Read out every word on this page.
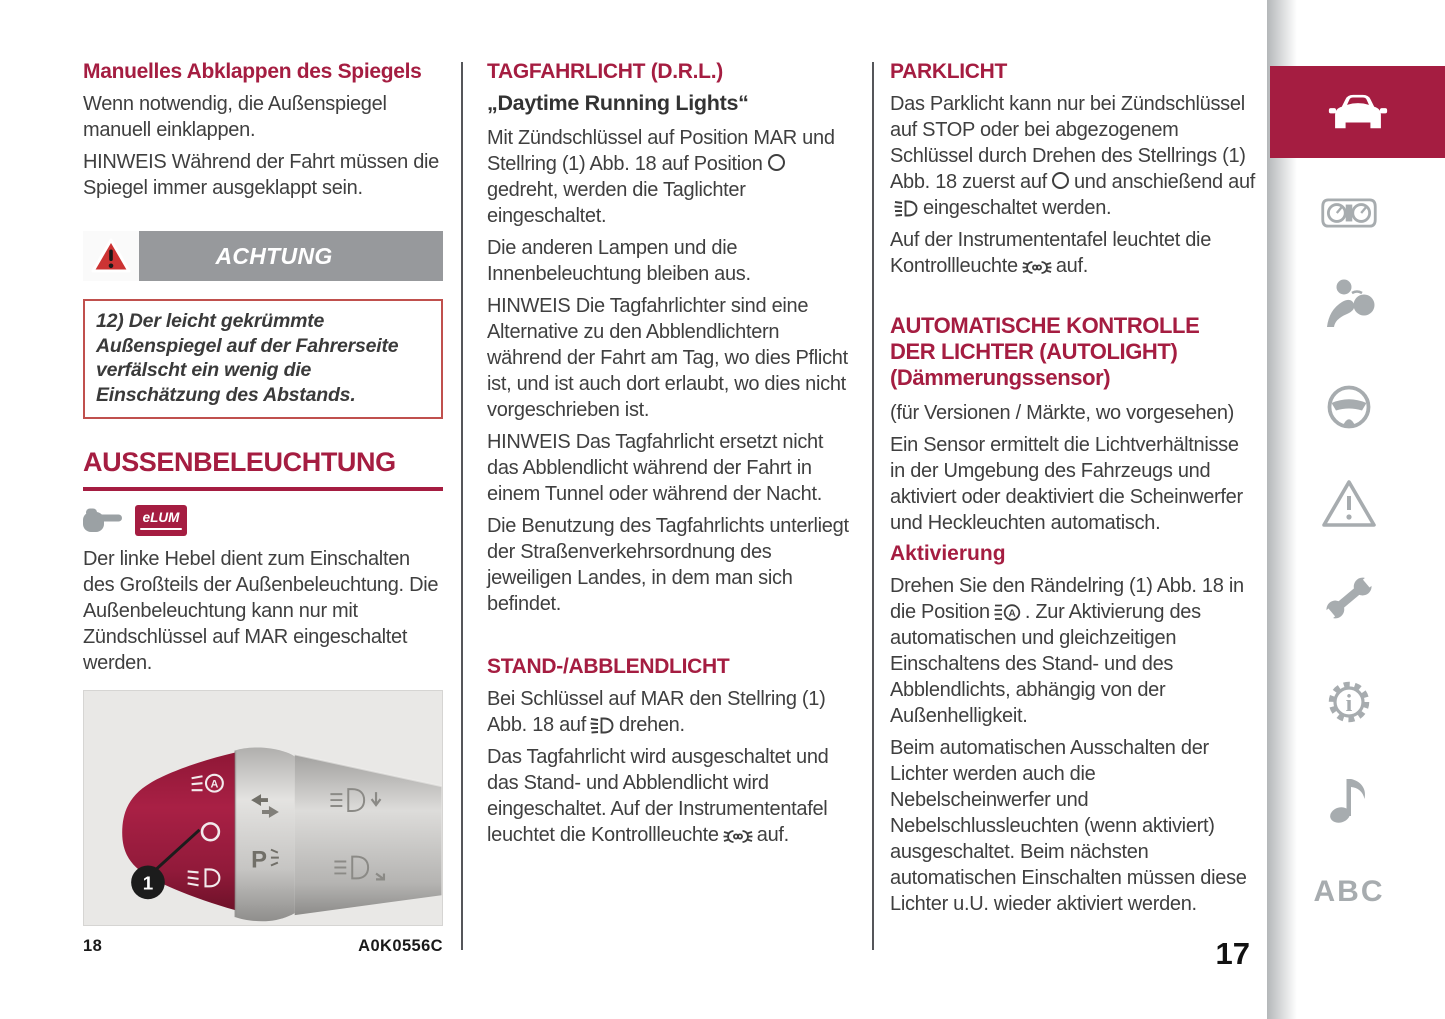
Manuelles Abklappen des Spiegels

Wenn notwendig, die Außenspiegel manuell einklappen.

HINWEIS Während der Fahrt müssen die Spiegel immer ausgeklappt sein.

ACHTUNG
12) Der leicht gekrümmte Außenspiegel auf der Fahrerseite verfälscht ein wenig die Einschätzung des Abstands.
AUSSENBELEUCHTUNG
eLUM

Der linke Hebel dient zum Einschalten des Großteils der Außenbeleuchtung. Die Außenbeleuchtung kann nur mit Zündschlüssel auf MAR eingeschaltet werden.

A
P
1
18	A0K0556C
TAGFAHRLICHT (D.R.L.)
„Daytime Running Lights“

Mit Zündschlüssel auf Position MAR und Stellring (1) Abb. 18 auf Positiongedreht, werden die Taglichter eingeschaltet.

Die anderen Lampen und die Innenbeleuchtung bleiben aus.

HINWEIS Die Tagfahrlichter sind eine Alternative zu den Abblendlichtern während der Fahrt am Tag, wo dies Pflicht ist, und ist auch dort erlaubt, wo dies nicht vorgeschrieben ist.

HINWEIS Das Tagfahrlicht ersetzt nicht das Abblendlicht während der Fahrt in einem Tunnel oder während der Nacht.

Die Benutzung des Tagfahrlichts unterliegt der Straßenverkehrsordnung des jeweiligen Landes, in dem man sich befindet.

STAND-/ABBLENDLICHT

Bei Schlüssel auf MAR den Stellring (1) Abb. 18 auf drehen.

Das Tagfahrlicht wird ausgeschaltet und das Stand- und Abblendlicht wird eingeschaltet. Auf der Instrumententafel leuchtet die Kontrollleuchte auf.

PARKLICHT

Das Parklicht kann nur bei Zündschlüssel auf STOP oder bei abgezogenem Schlüssel durch Drehen des Stellrings (1) Abb. 18 zuerst auf und anschießend aufeingeschaltet werden.

Auf der Instrumententafel leuchtet die Kontrollleuchte auf.

AUTOMATISCHE KONTROLLE
DER LICHTER (AUTOLIGHT)
(Dämmerungssensor)

(für Versionen / Märkte, wo vorgesehen)

Ein Sensor ermittelt die Lichtverhältnisse in der Umgebung des Fahrzeugs und aktiviert oder deaktiviert die Scheinwerfer und Heckleuchten automatisch.

Aktivierung

Drehen Sie den Rändelring (1) Abb. 18 in die Position A . Zur Aktivierung des automatischen und gleichzeitigen Einschaltens des Stand- und des Abblendlichts, abhängig von der Außenhelligkeit.

Beim automatischen Ausschalten der Lichter werden auch die Nebelscheinwerfer und Nebelschlussleuchten (wenn aktiviert) ausgeschaltet. Beim nächsten automatischen Einschalten müssen diese Lichter u.U. wieder aktiviert werden.

i
ABC
17
